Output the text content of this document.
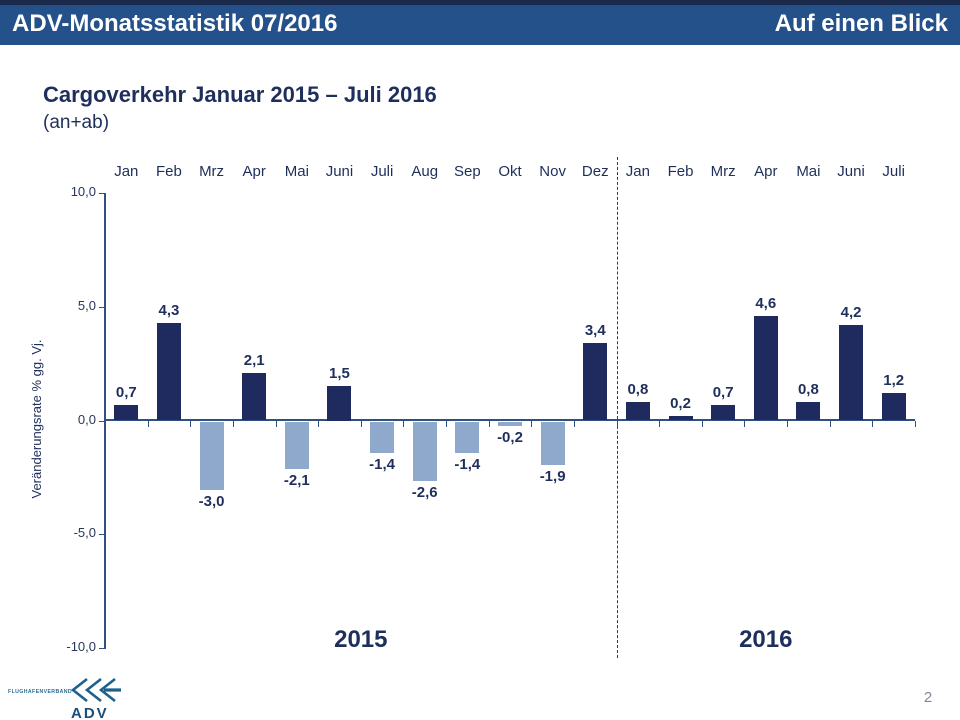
ADV-Monatsstatistik 07/2016	Auf einen Blick
Cargoverkehr Januar 2015 – Juli 2016
(an+ab)
Veränderungsrate % gg. Vj.
10,0
5,0
0,0
-5,0
-10,0
Jan
0,7
Feb
4,3
Mrz
-3,0
Apr
2,1
Mai
-2,1
Juni
1,5
Juli
-1,4
Aug
-2,6
Sep
-1,4
Okt
-0,2
Nov
-1,9
Dez
3,4
Jan
0,8
Feb
0,2
Mrz
0,7
Apr
4,6
Mai
0,8
Juni
4,2
Juli
1,2
2015	2016
FLUGHAFENVERBAND
ADV
2
